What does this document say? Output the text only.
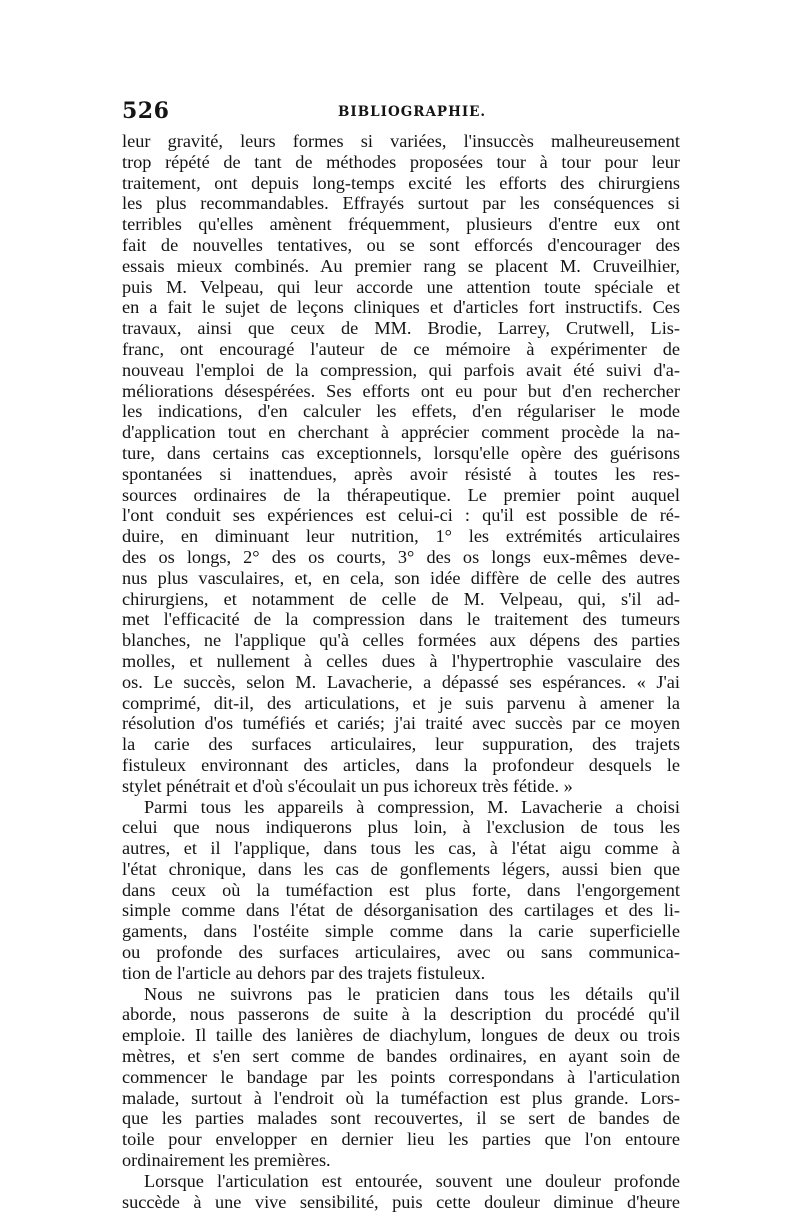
526	BIBLIOGRAPHIE.
leur gravité, leurs formes si variées, l'insuccès malheureusement
trop répété de tant de méthodes proposées tour à tour pour leur
traitement, ont depuis long-temps excité les efforts des chirurgiens
les plus recommandables. Effrayés surtout par les conséquences si
terribles qu'elles amènent fréquemment, plusieurs d'entre eux ont
fait de nouvelles tentatives, ou se sont efforcés d'encourager des
essais mieux combinés. Au premier rang se placent M. Cruveilhier,
puis M. Velpeau, qui leur accorde une attention toute spéciale et
en a fait le sujet de leçons cliniques et d'articles fort instructifs. Ces
travaux, ainsi que ceux de MM. Brodie, Larrey, Crutwell, Lis-
franc, ont encouragé l'auteur de ce mémoire à expérimenter de
nouveau l'emploi de la compression, qui parfois avait été suivi d'a-
méliorations désespérées. Ses efforts ont eu pour but d'en rechercher
les indications, d'en calculer les effets, d'en régulariser le mode
d'application tout en cherchant à apprécier comment procède la na-
ture, dans certains cas exceptionnels, lorsqu'elle opère des guérisons
spontanées si inattendues, après avoir résisté à toutes les res-
sources ordinaires de la thérapeutique. Le premier point auquel
l'ont conduit ses expériences est celui-ci : qu'il est possible de ré-
duire, en diminuant leur nutrition, 1° les extrémités articulaires
des os longs, 2° des os courts, 3° des os longs eux-mêmes deve-
nus plus vasculaires, et, en cela, son idée diffère de celle des autres
chirurgiens, et notamment de celle de M. Velpeau, qui, s'il ad-
met l'efficacité de la compression dans le traitement des tumeurs
blanches, ne l'applique qu'à celles formées aux dépens des parties
molles, et nullement à celles dues à l'hypertrophie vasculaire des
os. Le succès, selon M. Lavacherie, a dépassé ses espérances. « J'ai
comprimé, dit-il, des articulations, et je suis parvenu à amener la
résolution d'os tuméfiés et cariés; j'ai traité avec succès par ce moyen
la carie des surfaces articulaires, leur suppuration, des trajets
fistuleux environnant des articles, dans la profondeur desquels le
stylet pénétrait et d'où s'écoulait un pus ichoreux très fétide. »
Parmi tous les appareils à compression, M. Lavacherie a choisi
celui que nous indiquerons plus loin, à l'exclusion de tous les
autres, et il l'applique, dans tous les cas, à l'état aigu comme à
l'état chronique, dans les cas de gonflements légers, aussi bien que
dans ceux où la tuméfaction est plus forte, dans l'engorgement
simple comme dans l'état de désorganisation des cartilages et des li-
gaments, dans l'ostéite simple comme dans la carie superficielle
ou profonde des surfaces articulaires, avec ou sans communica-
tion de l'article au dehors par des trajets fistuleux.
Nous ne suivrons pas le praticien dans tous les détails qu'il
aborde, nous passerons de suite à la description du procédé qu'il
emploie. Il taille des lanières de diachylum, longues de deux ou trois
mètres, et s'en sert comme de bandes ordinaires, en ayant soin de
commencer le bandage par les points correspondans à l'articulation
malade, surtout à l'endroit où la tuméfaction est plus grande. Lors-
que les parties malades sont recouvertes, il se sert de bandes de
toile pour envelopper en dernier lieu les parties que l'on entoure
ordinairement les premières.
Lorsque l'articulation est entourée, souvent une douleur profonde
succède à une vive sensibilité, puis cette douleur diminue d'heure
